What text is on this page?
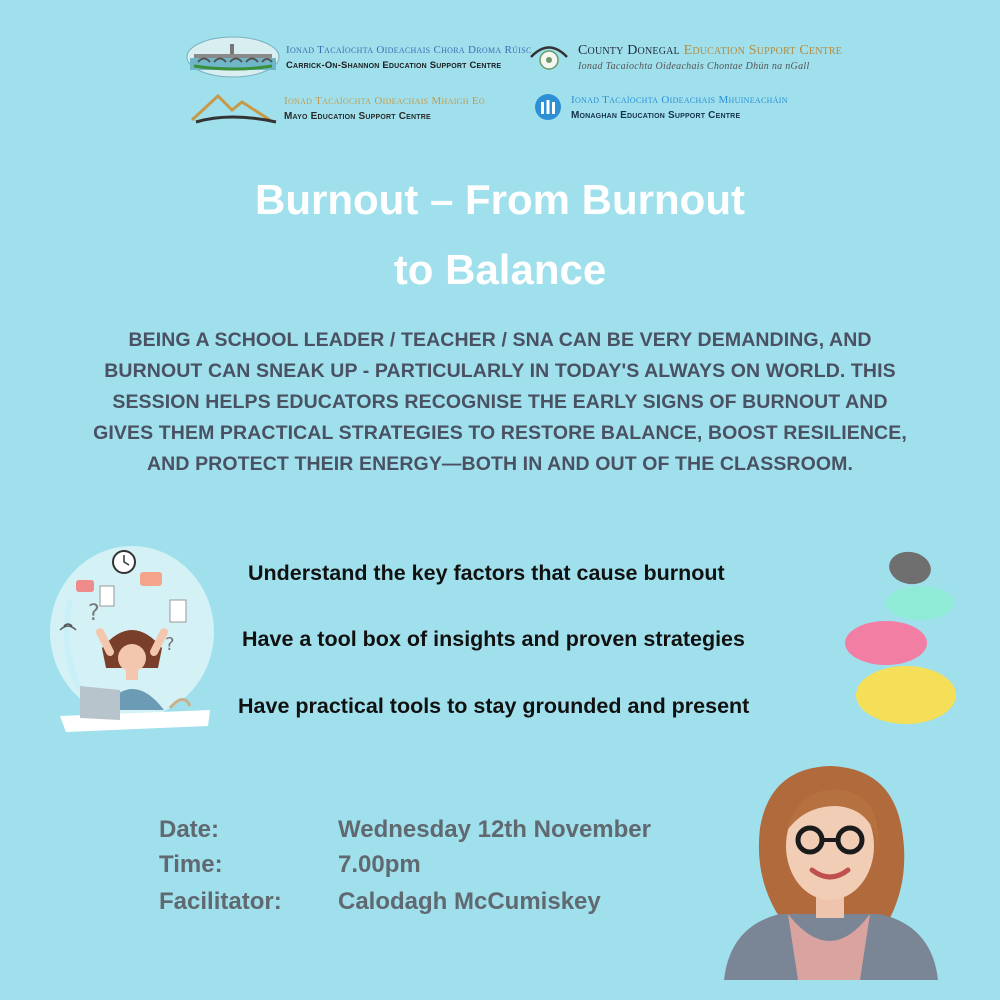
Ionad Tacaíochta Oideachais Chora Droma Rúisc
Carrick-On-Shannon Education Support Centre
County Donegal Education Support Centre
Ionad Tacaíochta Oideachais Chontae Dhún na nGall
Ionad Tacaíochta Oideachais Mhaigh Eo
Mayo Education Support Centre
Ionad Tacaíochta Oideachais Mhuineacháin
Monaghan Education Support Centre
Burnout – From Burnout
to Balance
BEING A SCHOOL LEADER / TEACHER / SNA CAN BE VERY DEMANDING, AND
BURNOUT CAN SNEAK UP - PARTICULARLY IN TODAY'S ALWAYS ON WORLD. THIS
SESSION HELPS EDUCATORS RECOGNISE THE EARLY SIGNS OF BURNOUT AND
GIVES THEM PRACTICAL STRATEGIES TO RESTORE BALANCE, BOOST RESILIENCE,
AND PROTECT THEIR ENERGY—BOTH IN AND OUT OF THE CLASSROOM.
?
?
Understand the key factors that cause burnout
Have a tool box of insights and proven strategies
Have practical tools to stay grounded and present
Date:	Wednesday 12th November
Time:	7.00pm
Facilitator: Calodagh McCumiskey
